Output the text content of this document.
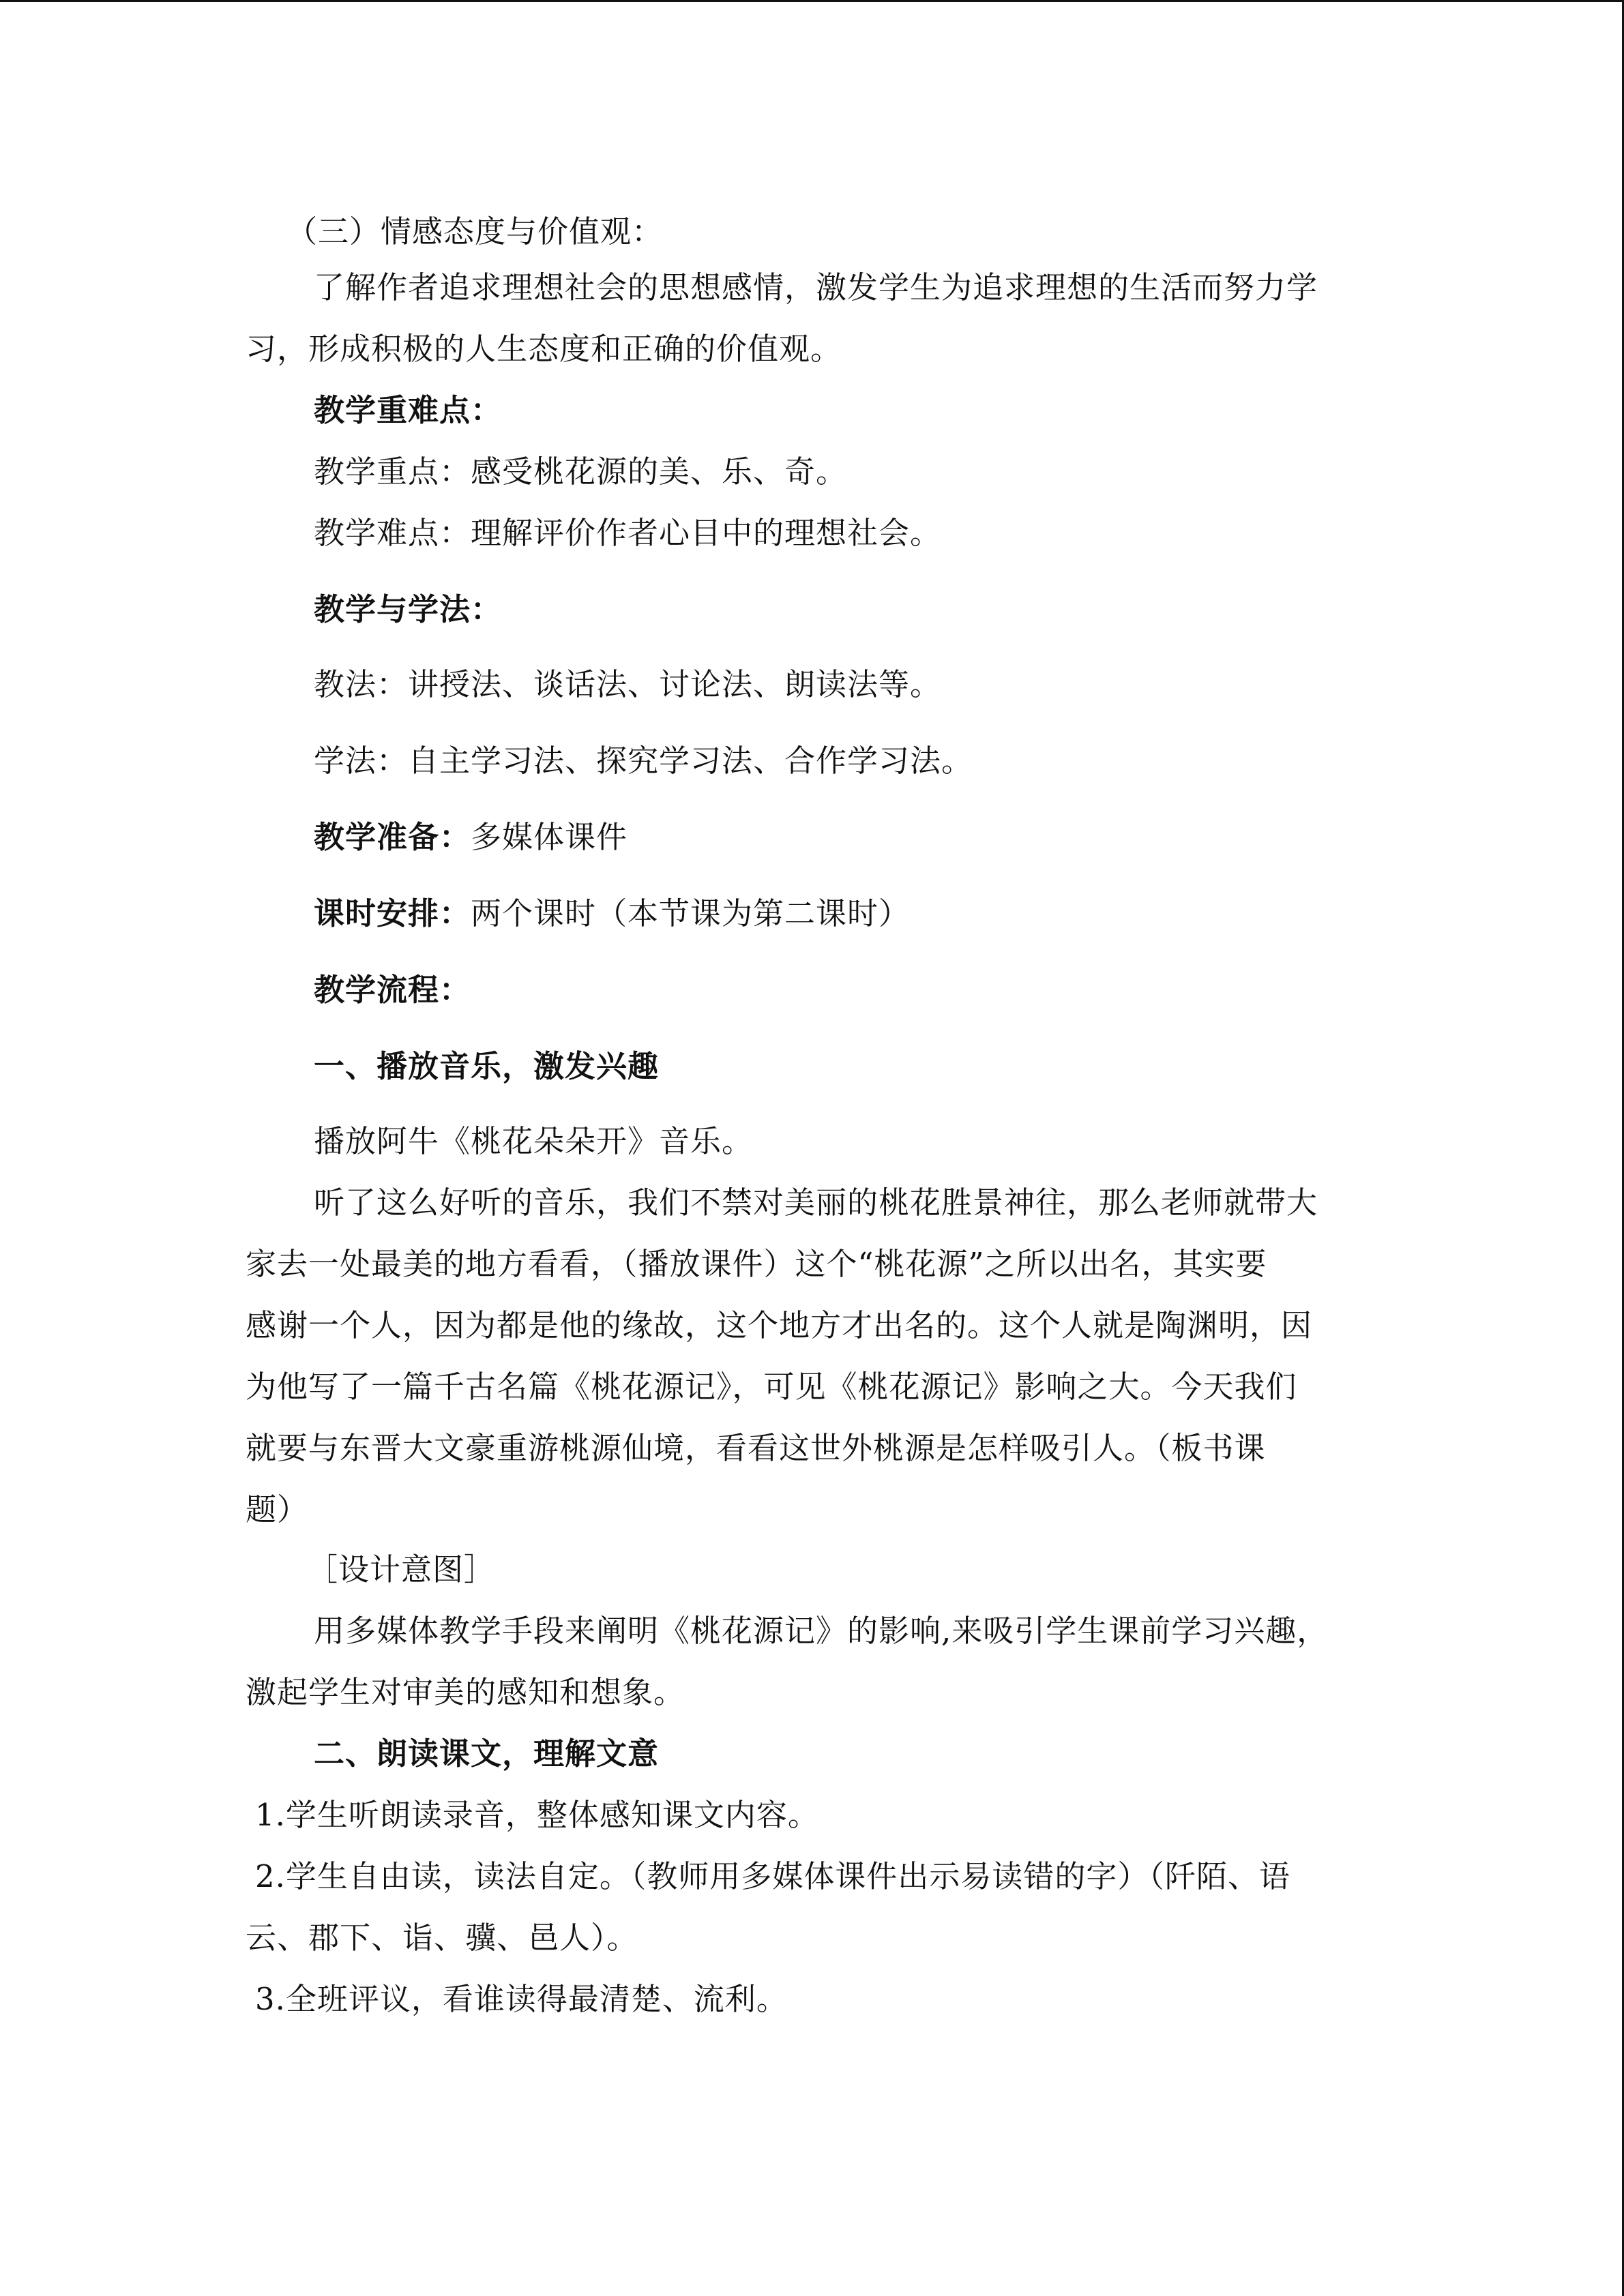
（三）情感态度与价值观：
了解作者追求理想社会的思想感情，激发学生为追求理想的生活而努力学
习，形成积极的人生态度和正确的价值观。
教学重难点：
教学重点：感受桃花源的美、乐、奇。
教学难点：理解评价作者心目中的理想社会。
教学与学法：
教法：讲授法、谈话法、讨论法、朗读法等。
学法：自主学习法、探究学习法、合作学习法。
教学准备：多媒体课件
课时安排：两个课时（本节课为第二课时）
教学流程：
一、播放音乐，激发兴趣
播放阿牛《桃花朵朵开》音乐。
听了这么好听的音乐，我们不禁对美丽的桃花胜景神往，那么老师就带大
家去一处最美的地方看看，（播放课件）这个“桃花源”之所以出名，其实要
感谢一个人，因为都是他的缘故，这个地方才出名的。这个人就是陶渊明，因
为他写了一篇千古名篇《桃花源记》，可见《桃花源记》影响之大。今天我们
就要与东晋大文豪重游桃源仙境，看看这世外桃源是怎样吸引人。（板书课
题）
［设计意图］
用多媒体教学手段来阐明《桃花源记》的影响,来吸引学生课前学习兴趣，
激起学生对审美的感知和想象。
二、朗读课文，理解文意
1.学生听朗读录音，整体感知课文内容。
2.学生自由读，读法自定。（教师用多媒体课件出示易读错的字）（阡陌、语
云、郡下、诣、骥、邑人）。
3.全班评议，看谁读得最清楚、流利。
